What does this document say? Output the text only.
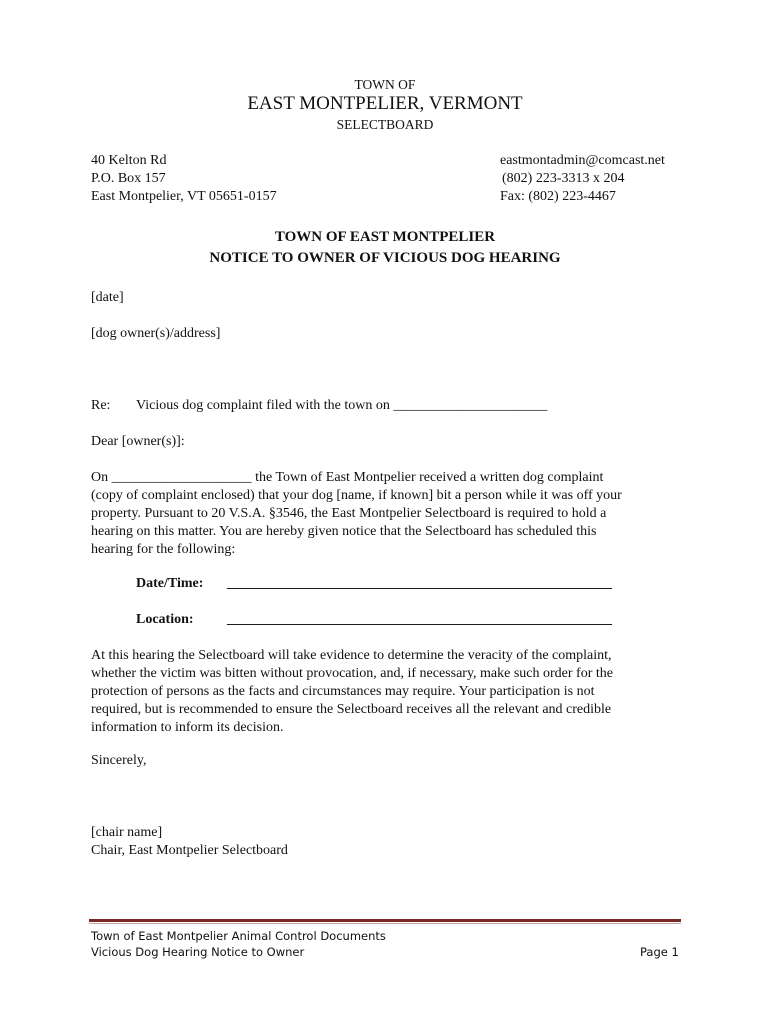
TOWN OF
EAST MONTPELIER, VERMONT
SELECTBOARD
40 Kelton Rd
P.O. Box 157
East Montpelier, VT 05651-0157
eastmontadmin@comcast.net
(802) 223-3313 x 204
Fax: (802) 223-4467
TOWN OF EAST MONTPELIER
NOTICE TO OWNER OF VICIOUS DOG HEARING
[date]
[dog owner(s)/address]
Re: Vicious dog complaint filed with the town on ______________________
Dear [owner(s)]:
On ____________________ the Town of East Montpelier received a written dog complaint
(copy of complaint enclosed) that your dog [name, if known] bit a person while it was off your
property. Pursuant to 20 V.S.A. §3546, the East Montpelier Selectboard is required to hold a
hearing on this matter. You are hereby given notice that the Selectboard has scheduled this
hearing for the following:
Date/Time: _______________________________________________________
Location: _______________________________________________________
At this hearing the Selectboard will take evidence to determine the veracity of the complaint,
whether the victim was bitten without provocation, and, if necessary, make such order for the
protection of persons as the facts and circumstances may require. Your participation is not
required, but is recommended to ensure the Selectboard receives all the relevant and credible
information to inform its decision.
Sincerely,
[chair name]
Chair, East Montpelier Selectboard
Town of East Montpelier Animal Control Documents
Vicious Dog Hearing Notice to Owner	Page 1
